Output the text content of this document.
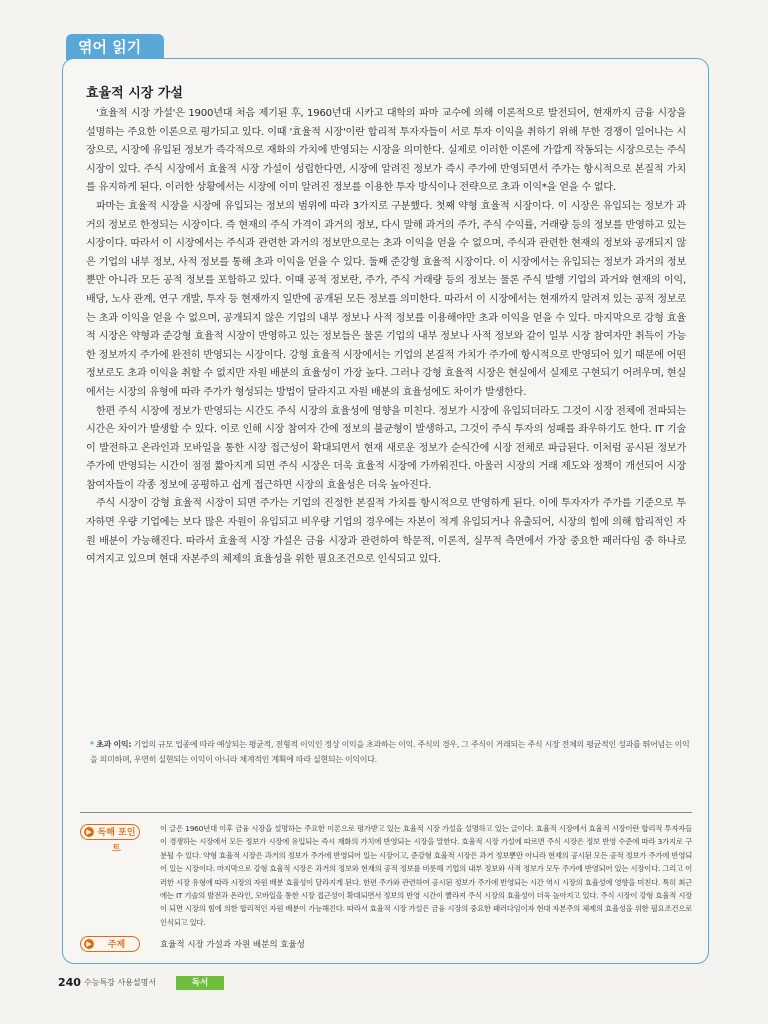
엮어 읽기
효율적 시장 가설

'효율적 시장 가설'은 1900년대 처음 제기된 후, 1960년대 시카고 대학의 파마 교수에 의해 이론적으로 발전되어, 현재까지 금융 시장을 설명하는 주요한 이론으로 평가되고 있다. 이때 '효율적 시장'이란 합리적 투자자들이 서로 투자 이익을 취하기 위해 무한 경쟁이 일어나는 시장으로, 시장에 유입된 정보가 즉각적으로 재화의 가치에 반영되는 시장을 의미한다. 실제로 이러한 이론에 가깝게 작동되는 시장으로는 주식 시장이 있다. 주식 시장에서 효율적 시장 가설이 성립한다면, 시장에 알려진 정보가 즉시 주가에 반영되면서 주가는 항시적으로 본질적 가치를 유지하게 된다. 이러한 상황에서는 시장에 이미 알려진 정보를 이용한 투자 방식이나 전략으로 초과 이익*을 얻을 수 없다.

파마는 효율적 시장을 시장에 유입되는 정보의 범위에 따라 3가지로 구분했다. 첫째 약형 효율적 시장이다. 이 시장은 유입되는 정보가 과거의 정보로 한정되는 시장이다. 즉 현재의 주식 가격이 과거의 정보, 다시 말해 과거의 주가, 주식 수익률, 거래량 등의 정보를 반영하고 있는 시장이다. 따라서 이 시장에서는 주식과 관련한 과거의 정보만으로는 초과 이익을 얻을 수 없으며, 주식과 관련한 현재의 정보와 공개되지 않은 기업의 내부 정보, 사적 정보를 통해 초과 이익을 얻을 수 있다. 둘째 준강형 효율적 시장이다. 이 시장에서는 유입되는 정보가 과거의 정보뿐만 아니라 모든 공적 정보를 포함하고 있다. 이때 공적 정보란, 주가, 주식 거래량 등의 정보는 물론 주식 발행 기업의 과거와 현재의 이익, 배당, 노사 관계, 연구 개발, 투자 등 현재까지 일반에 공개된 모든 정보를 의미한다. 따라서 이 시장에서는 현재까지 알려져 있는 공적 정보로는 초과 이익을 얻을 수 없으며, 공개되지 않은 기업의 내부 정보나 사적 정보를 이용해야만 초과 이익을 얻을 수 있다. 마지막으로 강형 효율적 시장은 약형과 준강형 효율적 시장이 반영하고 있는 정보들은 물론 기업의 내부 정보나 사적 정보와 같이 일부 시장 참여자만 취득이 가능한 정보까지 주가에 완전히 반영되는 시장이다. 강형 효율적 시장에서는 기업의 본질적 가치가 주가에 항시적으로 반영되어 있기 때문에 어떤 정보로도 초과 이익을 취할 수 없지만 자원 배분의 효율성이 가장 높다. 그러나 강형 효율적 시장은 현실에서 실제로 구현되기 어려우며, 현실에서는 시장의 유형에 따라 주가가 형성되는 방법이 달라지고 자원 배분의 효율성에도 차이가 발생한다.

한편 주식 시장에 정보가 반영되는 시간도 주식 시장의 효율성에 영향을 미친다. 정보가 시장에 유입되더라도 그것이 시장 전체에 전파되는 시간은 차이가 발생할 수 있다. 이로 인해 시장 참여자 간에 정보의 불균형이 발생하고, 그것이 주식 투자의 성패를 좌우하기도 한다. IT 기술이 발전하고 온라인과 모바일을 통한 시장 접근성이 확대되면서 현재 새로운 정보가 순식간에 시장 전체로 파급된다. 이처럼 공시된 정보가 주가에 반영되는 시간이 점점 짧아지게 되면 주식 시장은 더욱 효율적 시장에 가까워진다. 아울러 시장의 거래 제도와 정책이 개선되어 시장 참여자들이 각종 정보에 공평하고 쉽게 접근하면 시장의 효율성은 더욱 높아진다.

주식 시장이 강형 효율적 시장이 되면 주가는 기업의 진정한 본질적 가치를 항시적으로 반영하게 된다. 이에 투자자가 주가를 기준으로 투자하면 우량 기업에는 보다 많은 자원이 유입되고 비우량 기업의 경우에는 자본이 적게 유입되거나 유출되어, 시장의 힘에 의해 합리적인 자원 배분이 가능해진다. 따라서 효율적 시장 가설은 금융 시장과 관련하여 학문적, 이론적, 실무적 측면에서 가장 중요한 패러다임 중 하나로 여겨지고 있으며 현대 자본주의 체제의 효율성을 위한 필요조건으로 인식되고 있다.

* 초과 이익: 기업의 규모 업종에 따라 예상되는 평균적, 전형적 이익인 정상 이익을 초과하는 이익. 주식의 경우, 그 주식이 거래되는 주식 시장 전체의 평균적인 성과를 뛰어넘는 이익을 의미하며, 우연히 실현되는 이익이 아니라 체계적인 계획에 따라 실현되는 이익이다.
▶ 독해 포인트
이 글은 1960년대 이후 금융 시장을 설명하는 주요한 이론으로 평가받고 있는 효율적 시장 가설을 설명하고 있는 글이다. 효율적 시장에서 효율적 시장이란 합리적 투자자들이 경쟁하는 시장에서 모든 정보가 시장에 유입되는 즉시 재화의 가치에 반영되는 시장을 말한다. 효율적 시장 가설에 따르면 주식 시장은 정보 반영 수준에 따라 3가지로 구분될 수 있다. 약형 효율적 시장은 과거의 정보가 주가에 반영되어 있는 시장이고, 준강형 효율적 시장은 과거 정보뿐만 아니라 현재의 공시된 모든 공적 정보가 주가에 반영되어 있는 시장이다. 마지막으로 강형 효율적 시장은 과거의 정보와 현재의 공적 정보를 비롯해 기업의 내부 정보와 사적 정보가 모두 주가에 반영되어 있는 시장이다. 그리고 이러한 시장 유형에 따라 시장의 자원 배분 효율성이 달라지게 된다. 한편 주가와 관련하여 공시된 정보가 주가에 반영되는 시간 역시 시장의 효율성에 영향을 미친다. 특히 최근에는 IT 기술의 발전과 온라인, 모바일을 통한 시장 접근성이 확대되면서 정보의 반영 시간이 빨라져 주식 시장의 효율성이 더욱 높아지고 있다. 주식 시장이 강형 효율적 시장이 되면 시장의 힘에 의한 합리적인 자원 배분이 가능해진다. 따라서 효율적 시장 가설은 금융 시장의 중요한 패러다임이자 현대 자본주의 체제의 효율성을 위한 필요조건으로 인식되고 있다.
▶	주제	효율적 시장 가설과 자원 배분의 효율성
240 수능특강 사용설명서	독서
